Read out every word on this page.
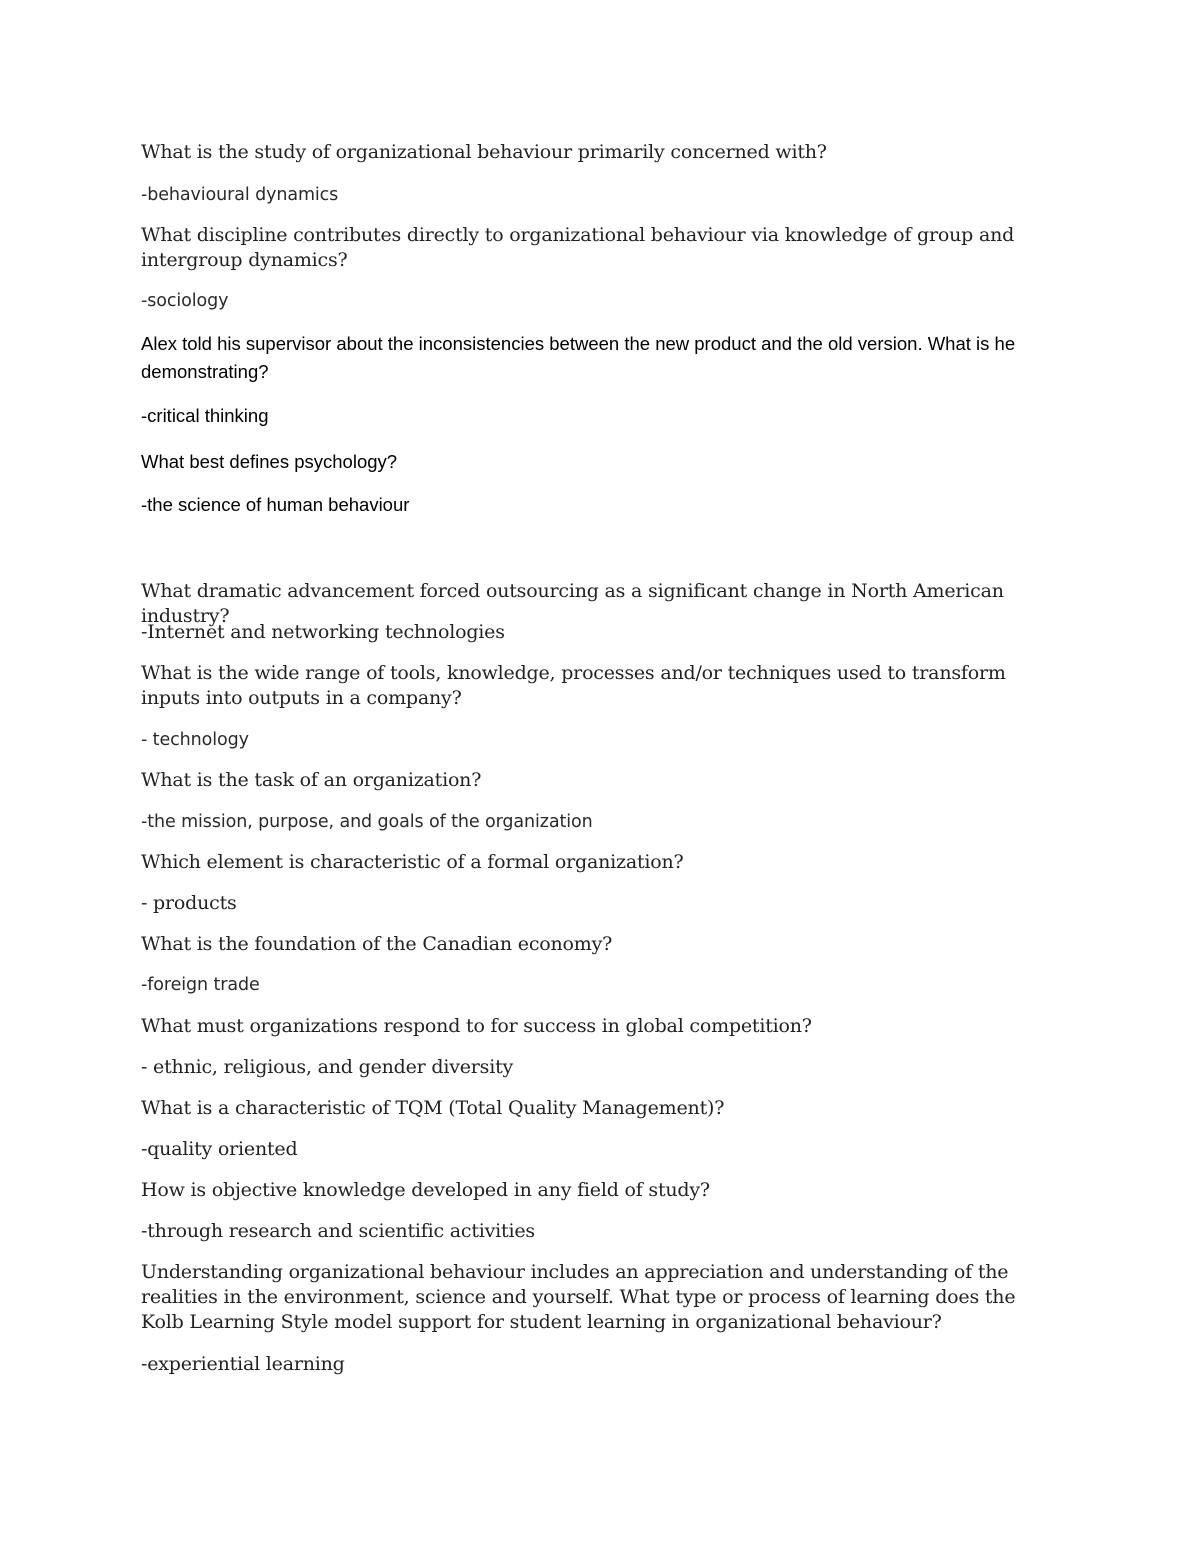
What is the study of organizational behaviour primarily concerned with?

-behavioural dynamics

What discipline contributes directly to organizational behaviour via knowledge of group and intergroup dynamics?

-sociology

Alex told his supervisor about the inconsistencies between the new product and the old version. What is he demonstrating?

-critical thinking

What best defines psychology?

-the science of human behaviour

What dramatic advancement forced outsourcing as a significant change in North American industry?

-Internet and networking technologies

What is the wide range of tools, knowledge, processes and/or techniques used to transform inputs into outputs in a company?

- technology

What is the task of an organization?

-the mission, purpose, and goals of the organization

Which element is characteristic of a formal organization?

- products

What is the foundation of the Canadian economy?

-foreign trade

What must organizations respond to for success in global competition?

- ethnic, religious, and gender diversity

What is a characteristic of TQM (Total Quality Management)?

-quality oriented

How is objective knowledge developed in any field of study?

-through research and scientific activities

Understanding organizational behaviour includes an appreciation and understanding of the realities in the environment, science and yourself. What type or process of learning does the Kolb Learning Style model support for student learning in organizational behaviour?

-experiential learning
